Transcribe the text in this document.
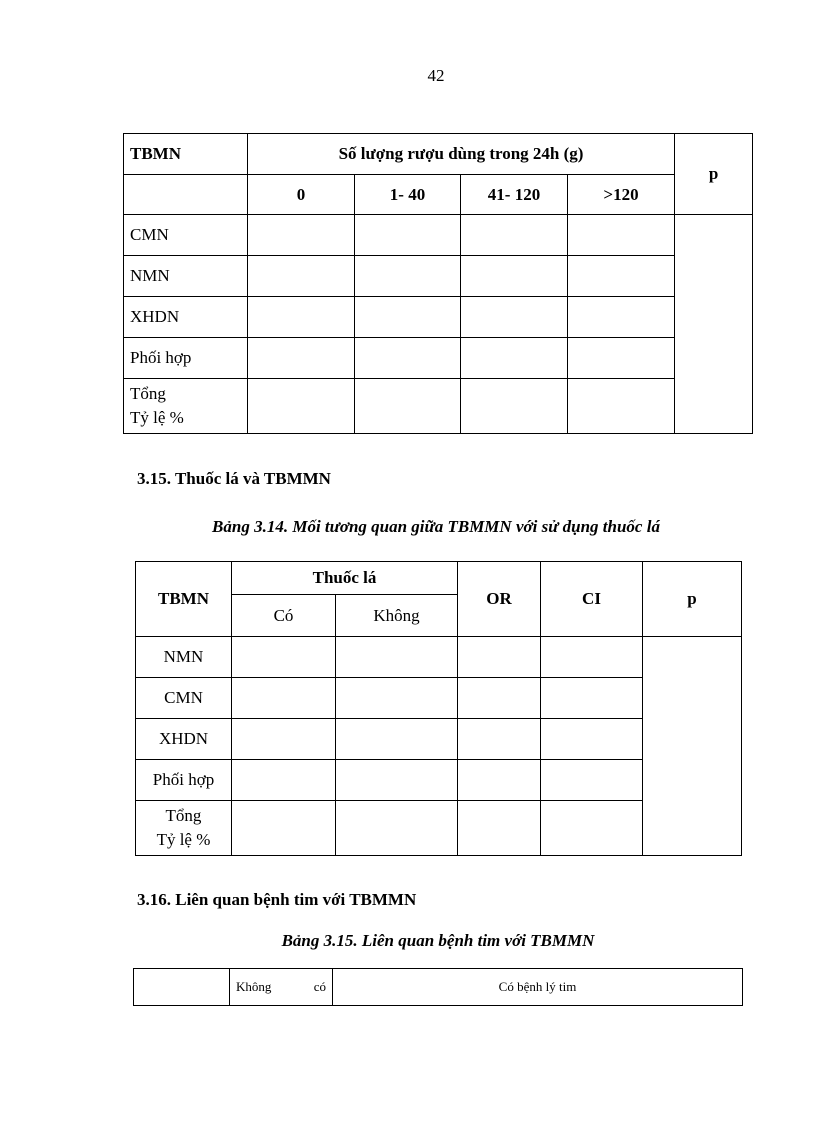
42
TBMN	Số lượng rượu dùng trong 24h (g)				p
	0	1- 40	41- 120	>120	
CMN					
NMN					
XHDN					
Phối hợp					

Tổng
Tỷ lệ %					

3.15. Thuốc lá và TBMMN
Bảng 3.14. Mối tương quan giữa TBMMN với sử dụng thuốc lá
TBMN	Thuốc lá		OR	CI	p
	Có	Không			
NMN					
CMN					
XHDN					
Phối hợp					

Tổng
Tỷ lệ %					

3.16. Liên quan bệnh tim với TBMMN
Bảng 3.15. Liên quan bệnh tim với TBMMN
	Không	có	Có bệnh lý tim
